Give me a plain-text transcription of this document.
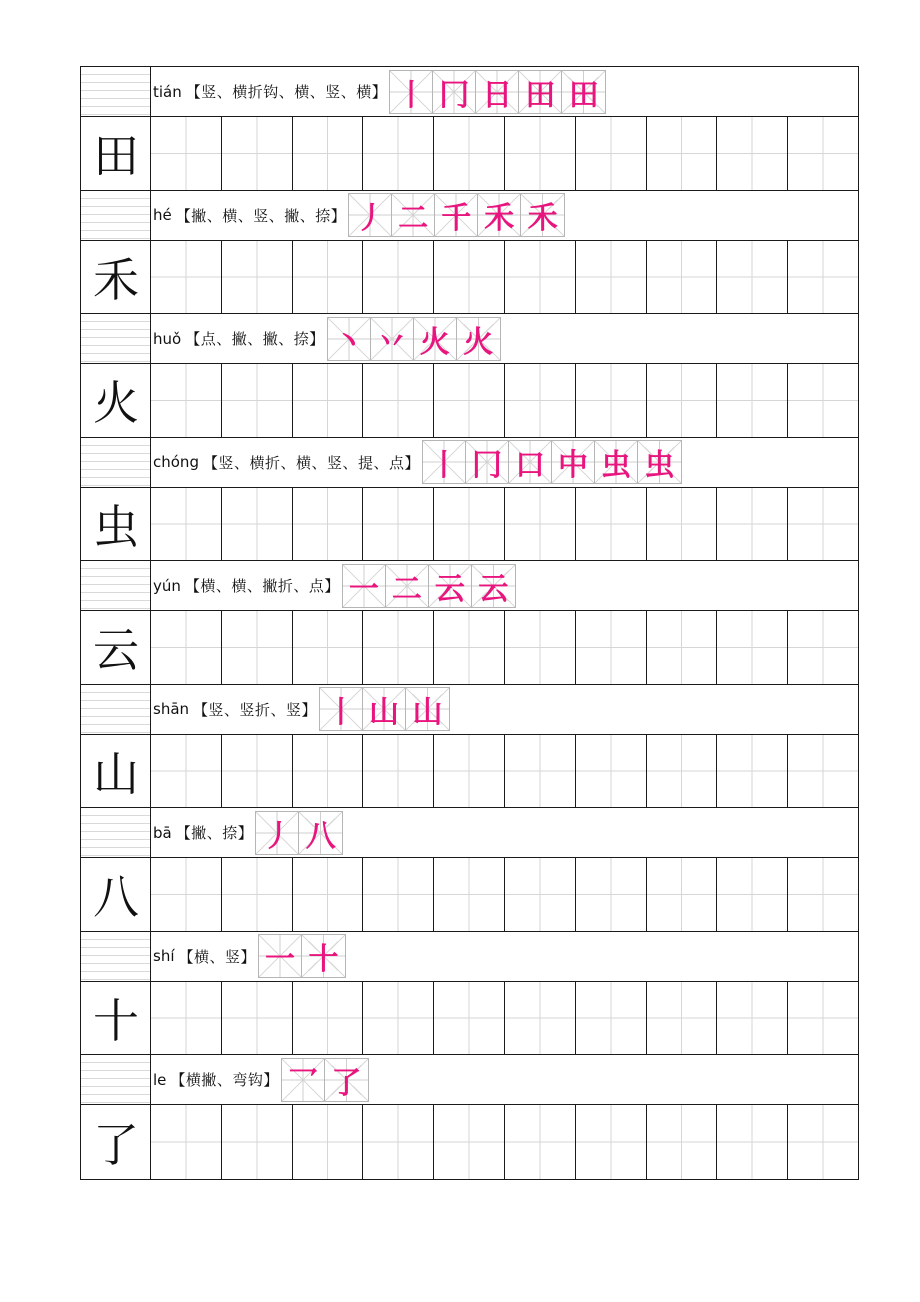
tián 【竖、横折钩、横、竖、横】 丨 冂 日 田 田
田
hé 【撇、横、竖、撇、捺】 丿 二 千 禾 禾
禾
huǒ 【点、撇、撇、捺】 丶 丷 火 火
火
chóng 【竖、横折、横、竖、提、点】 丨 冂 口 中 虫 虫
虫
yún 【横、横、撇折、点】 一 二 云 云
云
shān 【竖、竖折、竖】 丨 山 山
山
bā 【撇、捺】 丿 八
八
shí 【横、竖】 一 十
十
le 【横撇、弯钩】 乛 了
了
